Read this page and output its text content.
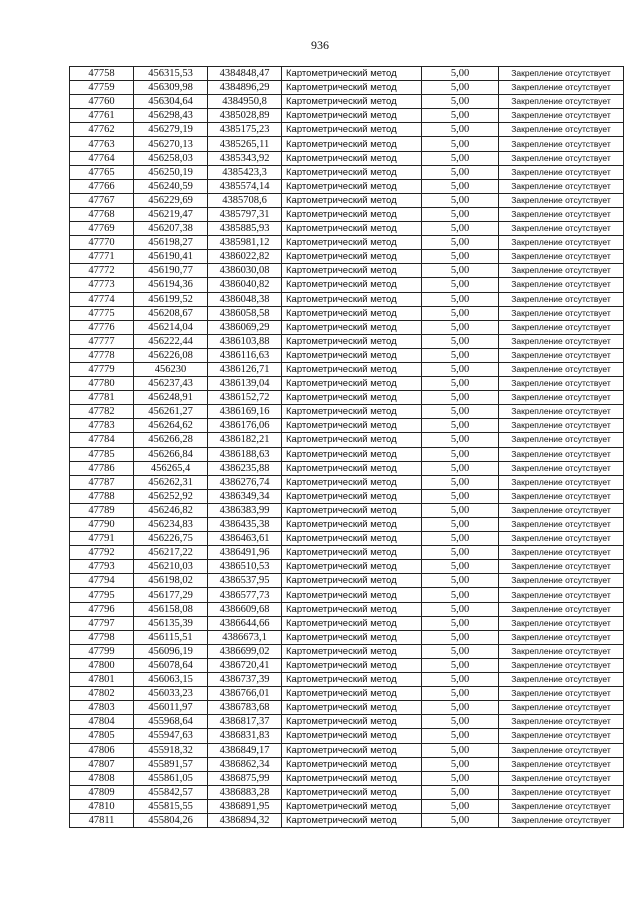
936
47758	456315,53	4384848,47	Картометрический метод	5,00	Закрепление отсутствует
47759	456309,98	4384896,29	Картометрический метод	5,00	Закрепление отсутствует
47760	456304,64	4384950,8	Картометрический метод	5,00	Закрепление отсутствует
47761	456298,43	4385028,89	Картометрический метод	5,00	Закрепление отсутствует
47762	456279,19	4385175,23	Картометрический метод	5,00	Закрепление отсутствует
47763	456270,13	4385265,11	Картометрический метод	5,00	Закрепление отсутствует
47764	456258,03	4385343,92	Картометрический метод	5,00	Закрепление отсутствует
47765	456250,19	4385423,3	Картометрический метод	5,00	Закрепление отсутствует
47766	456240,59	4385574,14	Картометрический метод	5,00	Закрепление отсутствует
47767	456229,69	4385708,6	Картометрический метод	5,00	Закрепление отсутствует
47768	456219,47	4385797,31	Картометрический метод	5,00	Закрепление отсутствует
47769	456207,38	4385885,93	Картометрический метод	5,00	Закрепление отсутствует
47770	456198,27	4385981,12	Картометрический метод	5,00	Закрепление отсутствует
47771	456190,41	4386022,82	Картометрический метод	5,00	Закрепление отсутствует
47772	456190,77	4386030,08	Картометрический метод	5,00	Закрепление отсутствует
47773	456194,36	4386040,82	Картометрический метод	5,00	Закрепление отсутствует
47774	456199,52	4386048,38	Картометрический метод	5,00	Закрепление отсутствует
47775	456208,67	4386058,58	Картометрический метод	5,00	Закрепление отсутствует
47776	456214,04	4386069,29	Картометрический метод	5,00	Закрепление отсутствует
47777	456222,44	4386103,88	Картометрический метод	5,00	Закрепление отсутствует
47778	456226,08	4386116,63	Картометрический метод	5,00	Закрепление отсутствует
47779	456230	4386126,71	Картометрический метод	5,00	Закрепление отсутствует
47780	456237,43	4386139,04	Картометрический метод	5,00	Закрепление отсутствует
47781	456248,91	4386152,72	Картометрический метод	5,00	Закрепление отсутствует
47782	456261,27	4386169,16	Картометрический метод	5,00	Закрепление отсутствует
47783	456264,62	4386176,06	Картометрический метод	5,00	Закрепление отсутствует
47784	456266,28	4386182,21	Картометрический метод	5,00	Закрепление отсутствует
47785	456266,84	4386188,63	Картометрический метод	5,00	Закрепление отсутствует
47786	456265,4	4386235,88	Картометрический метод	5,00	Закрепление отсутствует
47787	456262,31	4386276,74	Картометрический метод	5,00	Закрепление отсутствует
47788	456252,92	4386349,34	Картометрический метод	5,00	Закрепление отсутствует
47789	456246,82	4386383,99	Картометрический метод	5,00	Закрепление отсутствует
47790	456234,83	4386435,38	Картометрический метод	5,00	Закрепление отсутствует
47791	456226,75	4386463,61	Картометрический метод	5,00	Закрепление отсутствует
47792	456217,22	4386491,96	Картометрический метод	5,00	Закрепление отсутствует
47793	456210,03	4386510,53	Картометрический метод	5,00	Закрепление отсутствует
47794	456198,02	4386537,95	Картометрический метод	5,00	Закрепление отсутствует
47795	456177,29	4386577,73	Картометрический метод	5,00	Закрепление отсутствует
47796	456158,08	4386609,68	Картометрический метод	5,00	Закрепление отсутствует
47797	456135,39	4386644,66	Картометрический метод	5,00	Закрепление отсутствует
47798	456115,51	4386673,1	Картометрический метод	5,00	Закрепление отсутствует
47799	456096,19	4386699,02	Картометрический метод	5,00	Закрепление отсутствует
47800	456078,64	4386720,41	Картометрический метод	5,00	Закрепление отсутствует
47801	456063,15	4386737,39	Картометрический метод	5,00	Закрепление отсутствует
47802	456033,23	4386766,01	Картометрический метод	5,00	Закрепление отсутствует
47803	456011,97	4386783,68	Картометрический метод	5,00	Закрепление отсутствует
47804	455968,64	4386817,37	Картометрический метод	5,00	Закрепление отсутствует
47805	455947,63	4386831,83	Картометрический метод	5,00	Закрепление отсутствует
47806	455918,32	4386849,17	Картометрический метод	5,00	Закрепление отсутствует
47807	455891,57	4386862,34	Картометрический метод	5,00	Закрепление отсутствует
47808	455861,05	4386875,99	Картометрический метод	5,00	Закрепление отсутствует
47809	455842,57	4386883,28	Картометрический метод	5,00	Закрепление отсутствует
47810	455815,55	4386891,95	Картометрический метод	5,00	Закрепление отсутствует
47811	455804,26	4386894,32	Картометрический метод	5,00	Закрепление отсутствует
